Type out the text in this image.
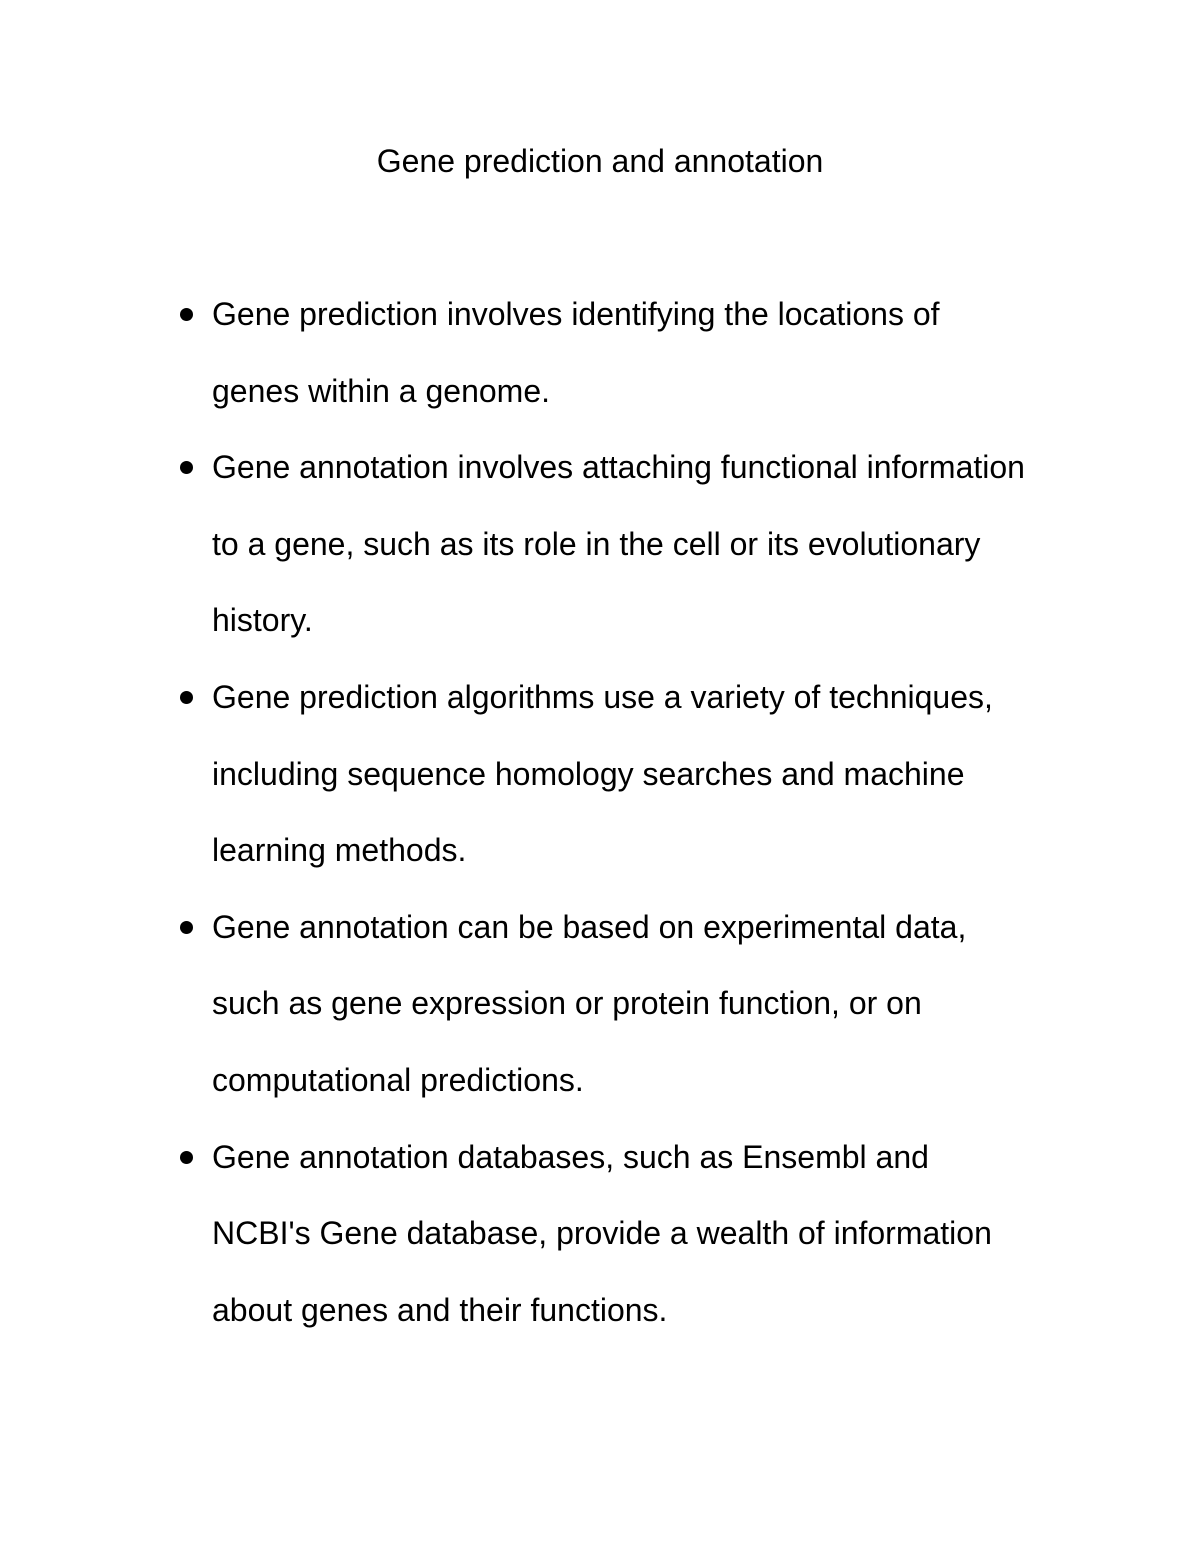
Gene prediction and annotation
Gene prediction involves identifying the locations of
genes within a genome.
Gene annotation involves attaching functional information
to a gene, such as its role in the cell or its evolutionary
history.
Gene prediction algorithms use a variety of techniques,
including sequence homology searches and machine
learning methods.
Gene annotation can be based on experimental data,
such as gene expression or protein function, or on
computational predictions.
Gene annotation databases, such as Ensembl and
NCBI's Gene database, provide a wealth of information
about genes and their functions.
